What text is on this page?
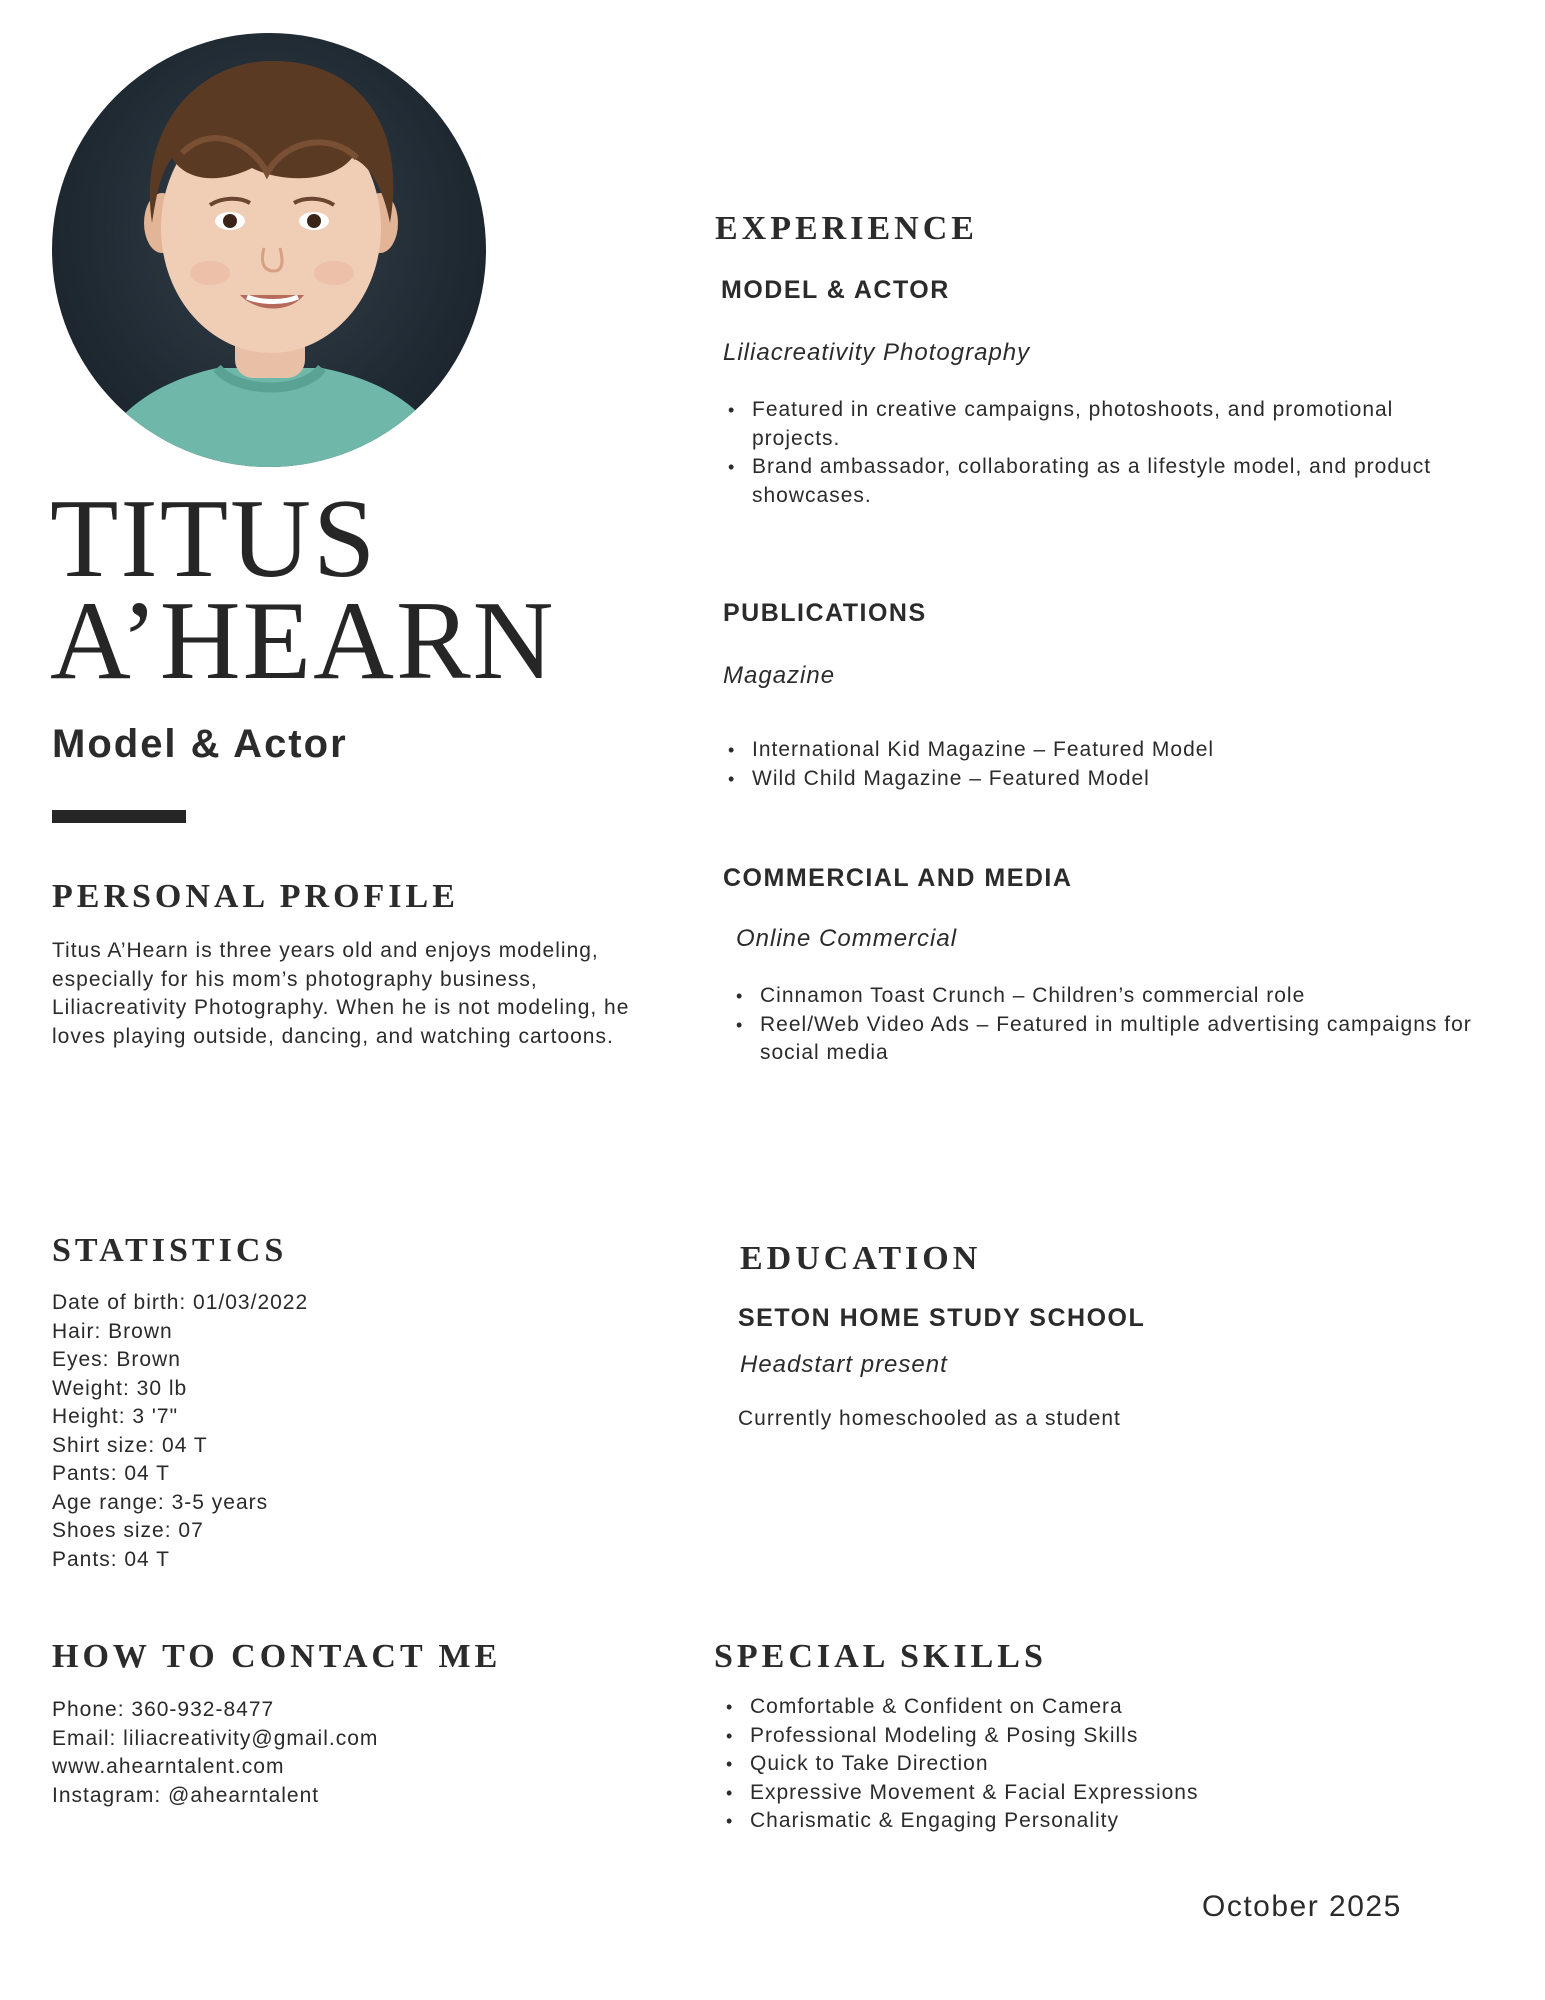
TITUS
A’HEARN
Model & Actor
PERSONAL PROFILE
Titus A’Hearn is three years old and enjoys modeling, especially for his mom’s photography business, Liliacreativity Photography. When he is not modeling, he loves playing outside, dancing, and watching cartoons.
EXPERIENCE
MODEL & ACTOR
Liliacreativity Photography
• Featured in creative campaigns, photoshoots, and promotional projects.
• Brand ambassador, collaborating as a lifestyle model, and product showcases.
PUBLICATIONS
Magazine
• International Kid Magazine – Featured Model
• Wild Child Magazine – Featured Model
COMMERCIAL AND MEDIA
Online Commercial
• Cinnamon Toast Crunch – Children’s commercial role
• Reel/Web Video Ads – Featured in multiple advertising campaigns for social media
STATISTICS
Date of birth: 01/03/2022
Hair: Brown
Eyes: Brown
Weight: 30 lb
Height: 3 '7"
Shirt size: 04 T
Pants: 04 T
Age range: 3-5 years
Shoes size: 07
Pants: 04 T
EDUCATION
SETON HOME STUDY SCHOOL
Headstart present
Currently homeschooled as a student
HOW TO CONTACT ME
Phone: 360-932-8477
Email: liliacreativity@gmail.com
www.ahearntalent.com
Instagram: @ahearntalent
SPECIAL SKILLS
• Comfortable & Confident on Camera
• Professional Modeling & Posing Skills
• Quick to Take Direction
• Expressive Movement & Facial Expressions
• Charismatic & Engaging Personality
October 2025
